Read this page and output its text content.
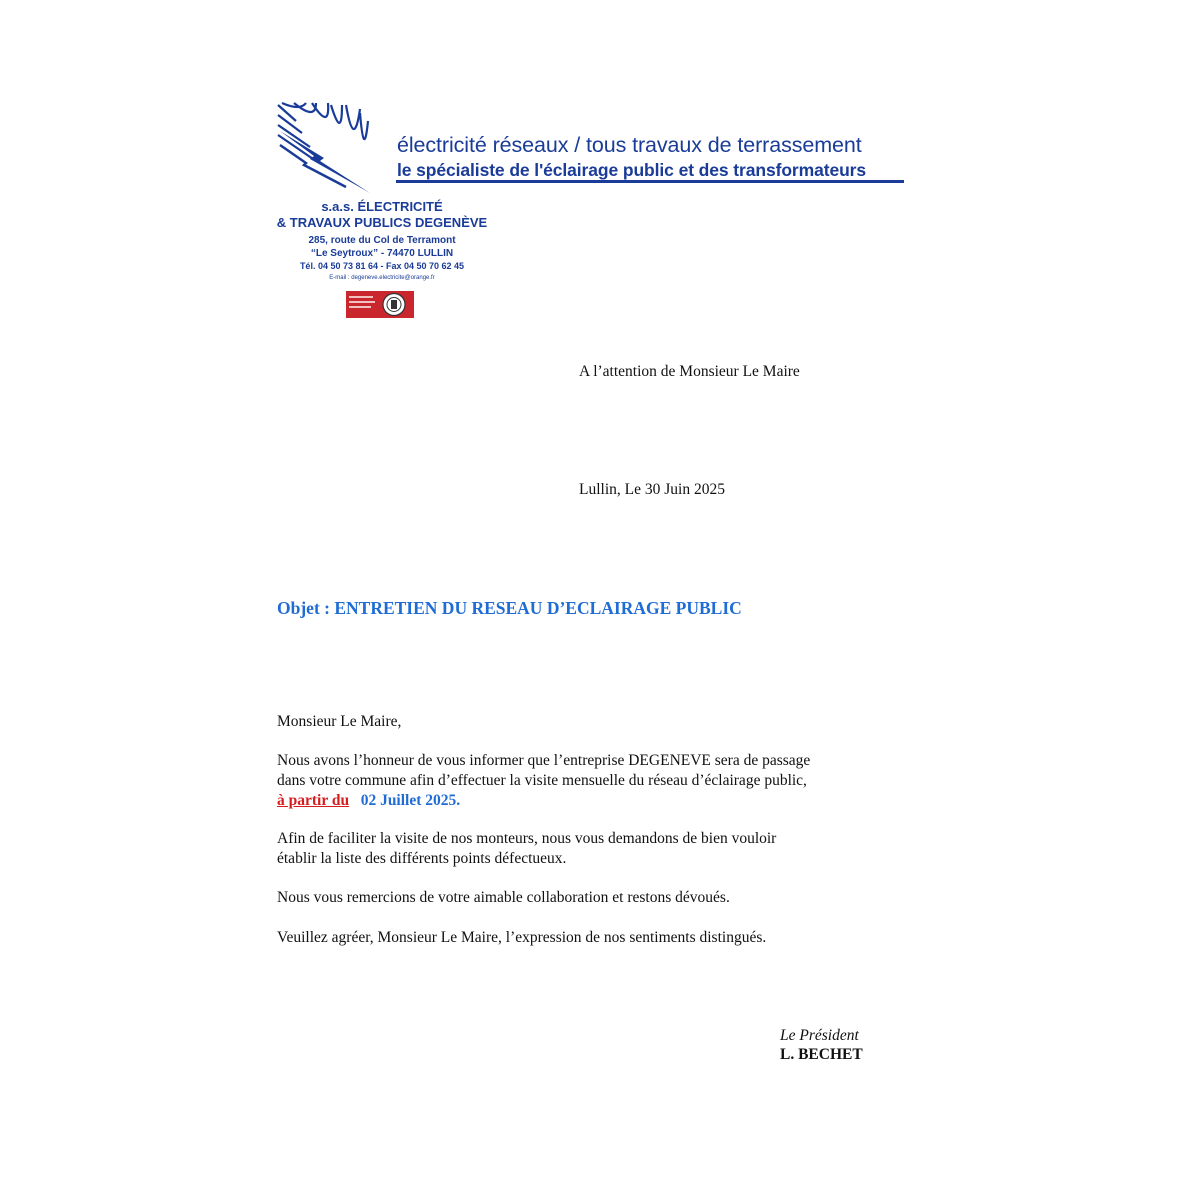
électricité réseaux / tous travaux de terrassement
le spécialiste de l'éclairage public et des transformateurs
s.a.s. ÉLECTRICITÉ
& TRAVAUX PUBLICS DEGENÈVE
285, route du Col de Terramont
“Le Seytroux” - 74470 LULLIN
Tél. 04 50 73 81 64 - Fax 04 50 70 62 45
E-mail : degeneve.electricite@orange.fr
A l’attention de Monsieur Le Maire
Lullin, Le 30 Juin 2025
Objet : ENTRETIEN DU RESEAU D’ECLAIRAGE PUBLIC
Monsieur Le Maire,
Nous avons l’honneur de vous informer que l’entreprise DEGENEVE sera de passage
dans votre commune afin d’effectuer la visite mensuelle du réseau d’éclairage public,
à partir du 02 Juillet 2025.
Afin de faciliter la visite de nos monteurs, nous vous demandons de bien vouloir
établir la liste des différents points défectueux.
Nous vous remercions de votre aimable collaboration et restons dévoués.
Veuillez agréer, Monsieur Le Maire, l’expression de nos sentiments distingués.
Le Président
L. BECHET
